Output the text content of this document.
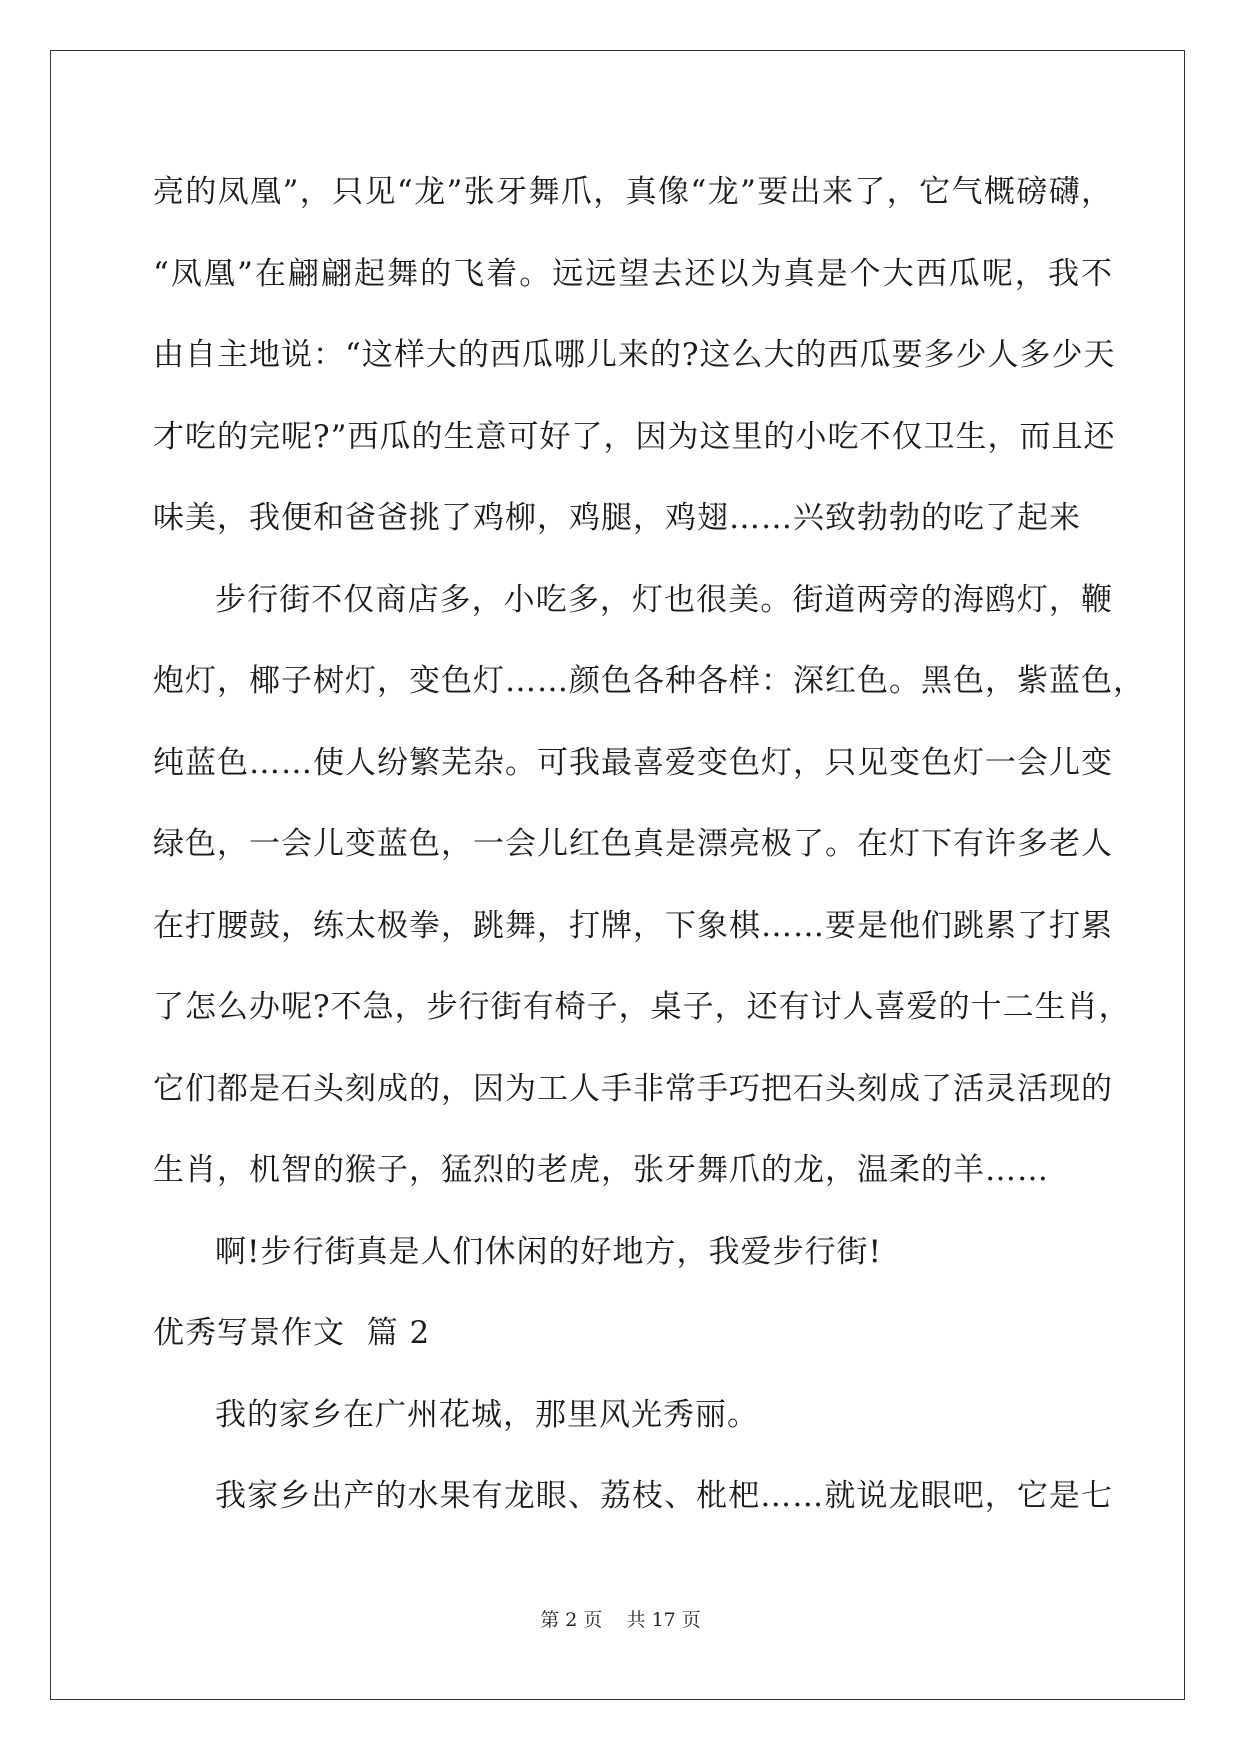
亮的凤凰”，只见“龙”张牙舞爪，真像“龙”要出来了，它气概磅礴，
“凤凰”在翩翩起舞的飞着。远远望去还以为真是个大西瓜呢，我不
由自主地说：“这样大的西瓜哪儿来的?这么大的西瓜要多少人多少天
才吃的完呢?”西瓜的生意可好了，因为这里的小吃不仅卫生，而且还
味美，我便和爸爸挑了鸡柳，鸡腿，鸡翅……兴致勃勃的吃了起来
步行街不仅商店多，小吃多，灯也很美。街道两旁的海鸥灯，鞭
炮灯，椰子树灯，变色灯……颜色各种各样：深红色。黑色，紫蓝色，
纯蓝色……使人纷繁芜杂。可我最喜爱变色灯，只见变色灯一会儿变
绿色，一会儿变蓝色，一会儿红色真是漂亮极了。在灯下有许多老人
在打腰鼓，练太极拳，跳舞，打牌，下象棋……要是他们跳累了打累
了怎么办呢?不急，步行街有椅子，桌子，还有讨人喜爱的十二生肖，
它们都是石头刻成的，因为工人手非常手巧把石头刻成了活灵活现的
生肖，机智的猴子，猛烈的老虎，张牙舞爪的龙，温柔的羊……
啊!步行街真是人们休闲的好地方，我爱步行街!
优秀写景作文  篇 2
我的家乡在广州花城，那里风光秀丽。
我家乡出产的水果有龙眼、荔枝、枇杷……就说龙眼吧，它是七
第 2 页 共 17 页
